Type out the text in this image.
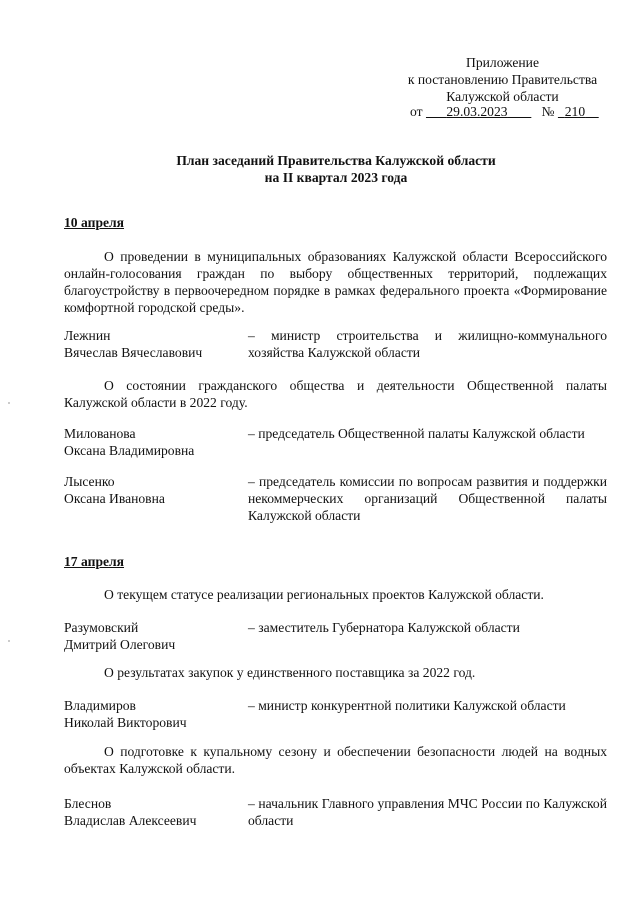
Приложение
к постановлению Правительства
Калужской области
от 29.03.2023	№ 210
План заседаний Правительства Калужской области
на II квартал 2023 года
10 апреля
О проведении в муниципальных образованиях Калужской области Всероссийского онлайн-голосования граждан по выбору общественных территорий, подлежащих благоустройству в первоочередном порядке в рамках федерального проекта «Формирование комфортной городской среды».
Лежнин
Вячеслав Вячеславович
– министр строительства и жилищно-коммунального хозяйства Калужской области
О состоянии гражданского общества и деятельности Общественной палаты Калужской области в 2022 году.
Милованова
Оксана Владимировна
– председатель Общественной палаты Калужской области
Лысенко
Оксана Ивановна
– председатель комиссии по вопросам развития и поддержки некоммерческих организаций Общественной палаты Калужской области
17 апреля
О текущем статусе реализации региональных проектов Калужской области.
Разумовский
Дмитрий Олегович
– заместитель Губернатора Калужской области
О результатах закупок у единственного поставщика за 2022 год.
Владимиров
Николай Викторович
– министр конкурентной политики Калужской области
О подготовке к купальному сезону и обеспечении безопасности людей на водных объектах Калужской области.
Блеснов
Владислав Алексеевич
– начальник Главного управления МЧС России по Калужской области
